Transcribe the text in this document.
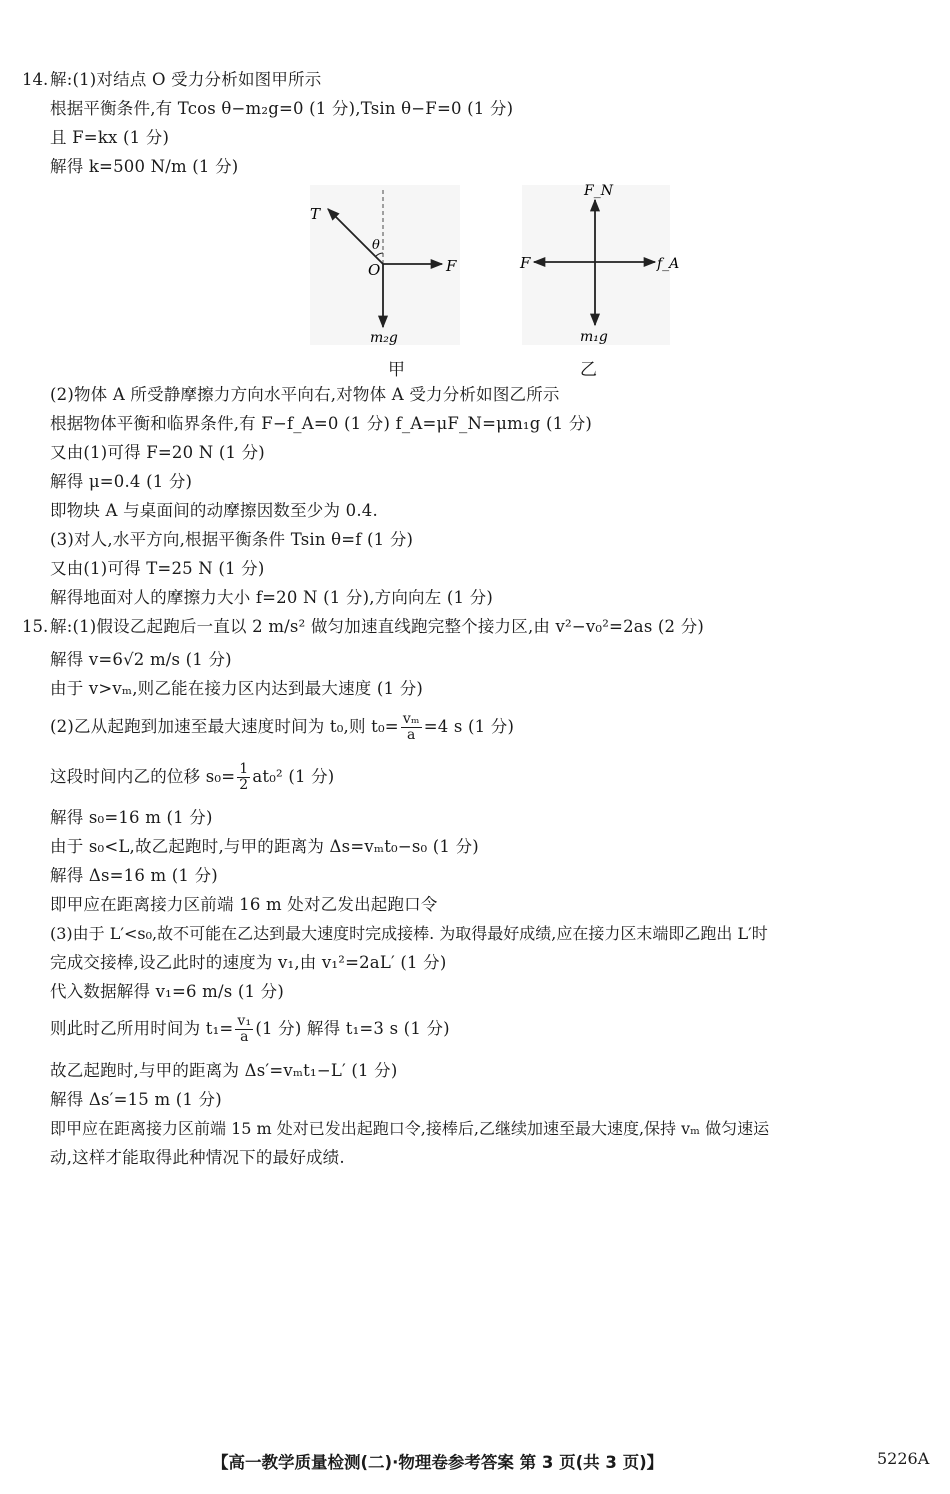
14. 解:(1)对结点 O 受力分析如图甲所示
根据平衡条件,有 Tcos θ−m₂g=0 (1 分),Tsin θ−F=0 (1 分)
且 F=kx (1 分)
解得 k=500 N/m (1 分)
T
θ
O	F
m₂g
甲
F_N
F	f_A
m₁g
乙
(2)物体 A 所受静摩擦力方向水平向右,对物体 A 受力分析如图乙所示
根据物体平衡和临界条件,有 F−f_A=0 (1 分) f_A=μF_N=μm₁g (1 分)
又由(1)可得 F=20 N (1 分)
解得 μ=0.4 (1 分)
即物块 A 与桌面间的动摩擦因数至少为 0.4.
(3)对人,水平方向,根据平衡条件 Tsin θ=f (1 分)
又由(1)可得 T=25 N (1 分)
解得地面对人的摩擦力大小 f=20 N (1 分),方向向左 (1 分)
15. 解:(1)假设乙起跑后一直以 2 m/s² 做匀加速直线跑完整个接力区,由 v²−v₀²=2as (2 分)
解得 v=6√2 m/s (1 分)
由于 v>vₘ,则乙能在接力区内达到最大速度 (1 分)
(2)乙从起跑到加速至最大速度时间为 t₀,则 $t_0= \frac{\text{vₘ}}{a} =4$ s (1 分)
这段时间内乙的位移 $s_0= \frac{1}{2} at_0^2$ (1 分)
解得 s₀=16 m (1 分)
由于 s₀<L,故乙起跑时,与甲的距离为 Δs=vₘt₀−s₀ (1 分)
解得 Δs=16 m (1 分)
即甲应在距离接力区前端 16 m 处对乙发出起跑口令
(3)由于 L′<s₀,故不可能在乙达到最大速度时完成接棒. 为取得最好成绩,应在接力区末端即乙跑出 L′时
完成交接棒,设乙此时的速度为 v₁,由 v₁²=2aL′ (1 分)
代入数据解得 v₁=6 m/s (1 分)
则此时乙所用时间为 $t_1= \frac{\text{v₁}}{a} (1$ 分) 解得 t₁=3 s (1 分)
故乙起跑时,与甲的距离为 Δs′=vₘt₁−L′ (1 分)
解得 Δs′=15 m (1 分)
即甲应在距离接力区前端 15 m 处对已发出起跑口令,接棒后,乙继续加速至最大速度,保持 vₘ 做匀速运
动,这样才能取得此种情况下的最好成绩.
【高一教学质量检测(二)·物理卷参考答案 第 3 页(共 3 页)】	5226A
